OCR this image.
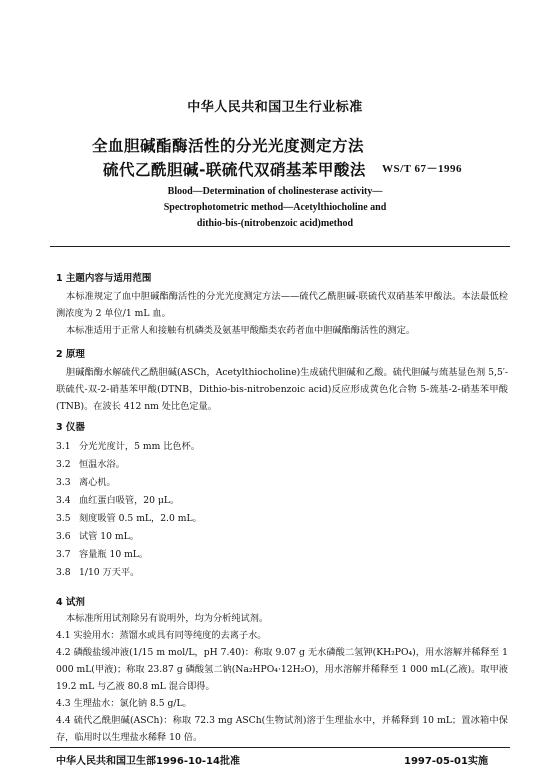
中华人民共和国卫生行业标准
全血胆碱酯酶活性的分光光度测定方法
硫代乙酰胆碱-联硫代双硝基苯甲酸法 WS/T 67－1996
Blood—Determination of cholinesterase activity—
Spectrophotometric method—Acetylthiocholine and
dithio-bis-(nitrobenzoic acid)method
1 主题内容与适用范围
本标准规定了血中胆碱酯酶活性的分光光度测定方法——硫代乙酰胆碱-联硫代双硝基苯甲酸法。本法最低检测浓度为 2 单位/1 mL 血。
本标准适用于正常人和接触有机磷类及氨基甲酸酯类农药者血中胆碱酯酶活性的测定。
2 原理
胆碱酯酶水解硫代乙酰胆碱(ASCh，Acetylthiocholine)生成硫代胆碱和乙酸。硫代胆碱与巯基显色剂 5,5′-联硫代-双-2-硝基苯甲酸(DTNB，Dithio-bis-nitrobenzoic acid)反应形成黄色化合物 5-巯基-2-硝基苯甲酸(TNB)。在波长 412 nm 处比色定量。
3 仪器
3.1 分光光度计，5 mm 比色杯。
3.2 恒温水浴。
3.3 离心机。
3.4 血红蛋白吸管，20 μL。
3.5 刻度吸管 0.5 mL，2.0 mL。
3.6 试管 10 mL。
3.7 容量瓶 10 mL。
3.8 1/10 万天平。
4 试剂
本标准所用试剂除另有说明外，均为分析纯试剂。
4.1 实验用水：蒸馏水或具有同等纯度的去离子水。
4.2 磷酸盐缓冲液(1/15 m mol/L，pH 7.40)：称取 9.07 g 无水磷酸二氢钾(KH₂PO₄)，用水溶解并稀释至 1 000 mL(甲液)；称取 23.87 g 磷酸氢二钠(Na₂HPO₄·12H₂O)，用水溶解并稀释至 1 000 mL(乙液)。取甲液 19.2 mL 与乙液 80.8 mL 混合即得。
4.3 生理盐水：氯化钠 8.5 g/L。
4.4 硫代乙酰胆碱(ASCh)：称取 72.3 mg ASCh(生物试剂)溶于生理盐水中，并稀释到 10 mL；置冰箱中保存，临用时以生理盐水稀释 10 倍。
中华人民共和国卫生部1996-10-14批准	1997-05-01实施
